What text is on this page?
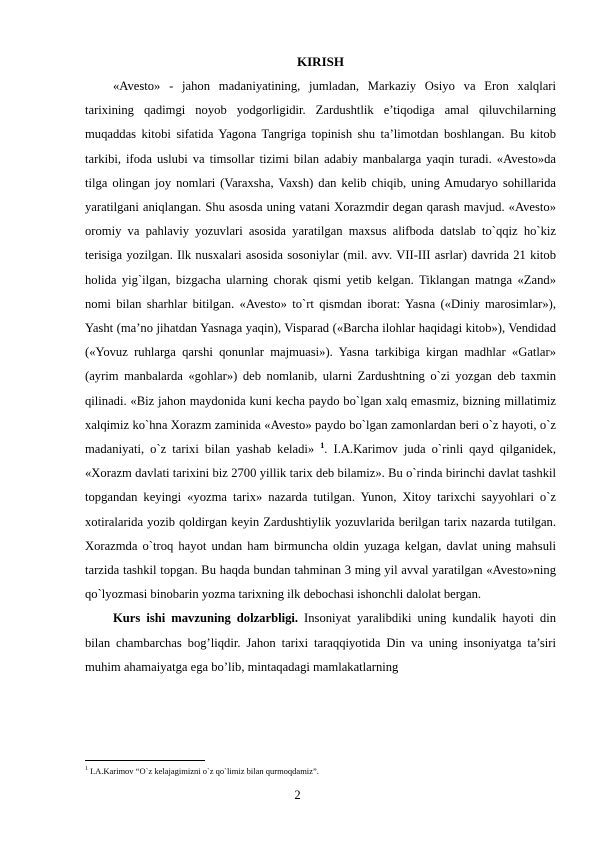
KIRISH

«Avesto» - jahon madaniyatining, jumladan, Markaziy Osiyo va Eron xalqlari tarixining qadimgi noyob yodgorligidir. Zardushtlik e’tiqodiga amal qiluvchilarning muqaddas kitobi sifatida Yagona Tangriga topinish shu ta’limotdan boshlangan. Bu kitob tarkibi, ifoda uslubi va timsollar tizimi bilan adabiy manbalarga yaqin turadi. «Avesto»da tilga olingan joy nomlari (Varaxsha, Vaxsh) dan kelib chiqib, uning Amudaryo sohillarida yaratilgani aniqlangan. Shu asosda uning vatani Xorazmdir degan qarash mavjud. «Avesto» oromiy va pahlaviy yozuvlari asosida yaratilgan maxsus alifboda datslab to`qqiz ho`kiz terisiga yozilgan. Ilk nusxalari asosida sosoniylar (mil. avv. VII-III asrlar) davrida 21 kitob holida yig`ilgan, bizgacha ularning chorak qismi yetib kelgan. Tiklangan matnga «Zand» nomi bilan sharhlar bitilgan. «Avesto» to`rt qismdan iborat: Yasna («Diniy marosimlar»), Yasht (ma’no jihatdan Yasnaga yaqin), Visparad («Barcha ilohlar haqidagi kitob»), Vendidad («Yovuz ruhlarga qarshi qonunlar majmuasi»). Yasna tarkibiga kirgan madhlar «Gatlar» (ayrim manbalarda «gohlar») deb nomlanib, ularni Zardushtning o`zi yozgan deb taxmin qilinadi. «Biz jahon maydonida kuni kecha paydo bo`lgan xalq emasmiz, bizning millatimiz xalqimiz ko`hna Xorazm zaminida «Avesto» paydo bo`lgan zamonlardan beri o`z hayoti, o`z madaniyati, o`z tarixi bilan yashab keladi» $^1$. I.A.Karimov juda o`rinli qayd qilganidek, «Xorazm davlati tarixini biz 2700 yillik tarix deb bilamiz». Bu o`rinda birinchi davlat tashkil topgandan keyingi «yozma tarix» nazarda tutilgan. Yunon, Xitoy tarixchi sayyohlari o`z xotiralarida yozib qoldirgan keyin Zardushtiylik yozuvlarida berilgan tarix nazarda tutilgan. Xorazmda o`troq hayot undan ham birmuncha oldin yuzaga kelgan, davlat uning mahsuli tarzida tashkil topgan. Bu haqda bundan tahminan 3 ming yil avval yaratilgan «Avesto»ning qo`lyozmasi binobarin yozma tarixning ilk debochasi ishonchli dalolat bergan.

Kurs ishi mavzuning dolzarbligi. Insoniyat yaralibdiki uning kundalik hayoti din bilan chambarchas bog’liqdir. Jahon tarixi taraqqiyotida Din va uning insoniyatga ta’siri muhim ahamaiyatga ega bo’lib, mintaqadagi mamlakatlarning

$^1$ I.A.Karimov “O`z kelajagimizni o`z qo`limiz bilan qurmoqdamiz”.
2
